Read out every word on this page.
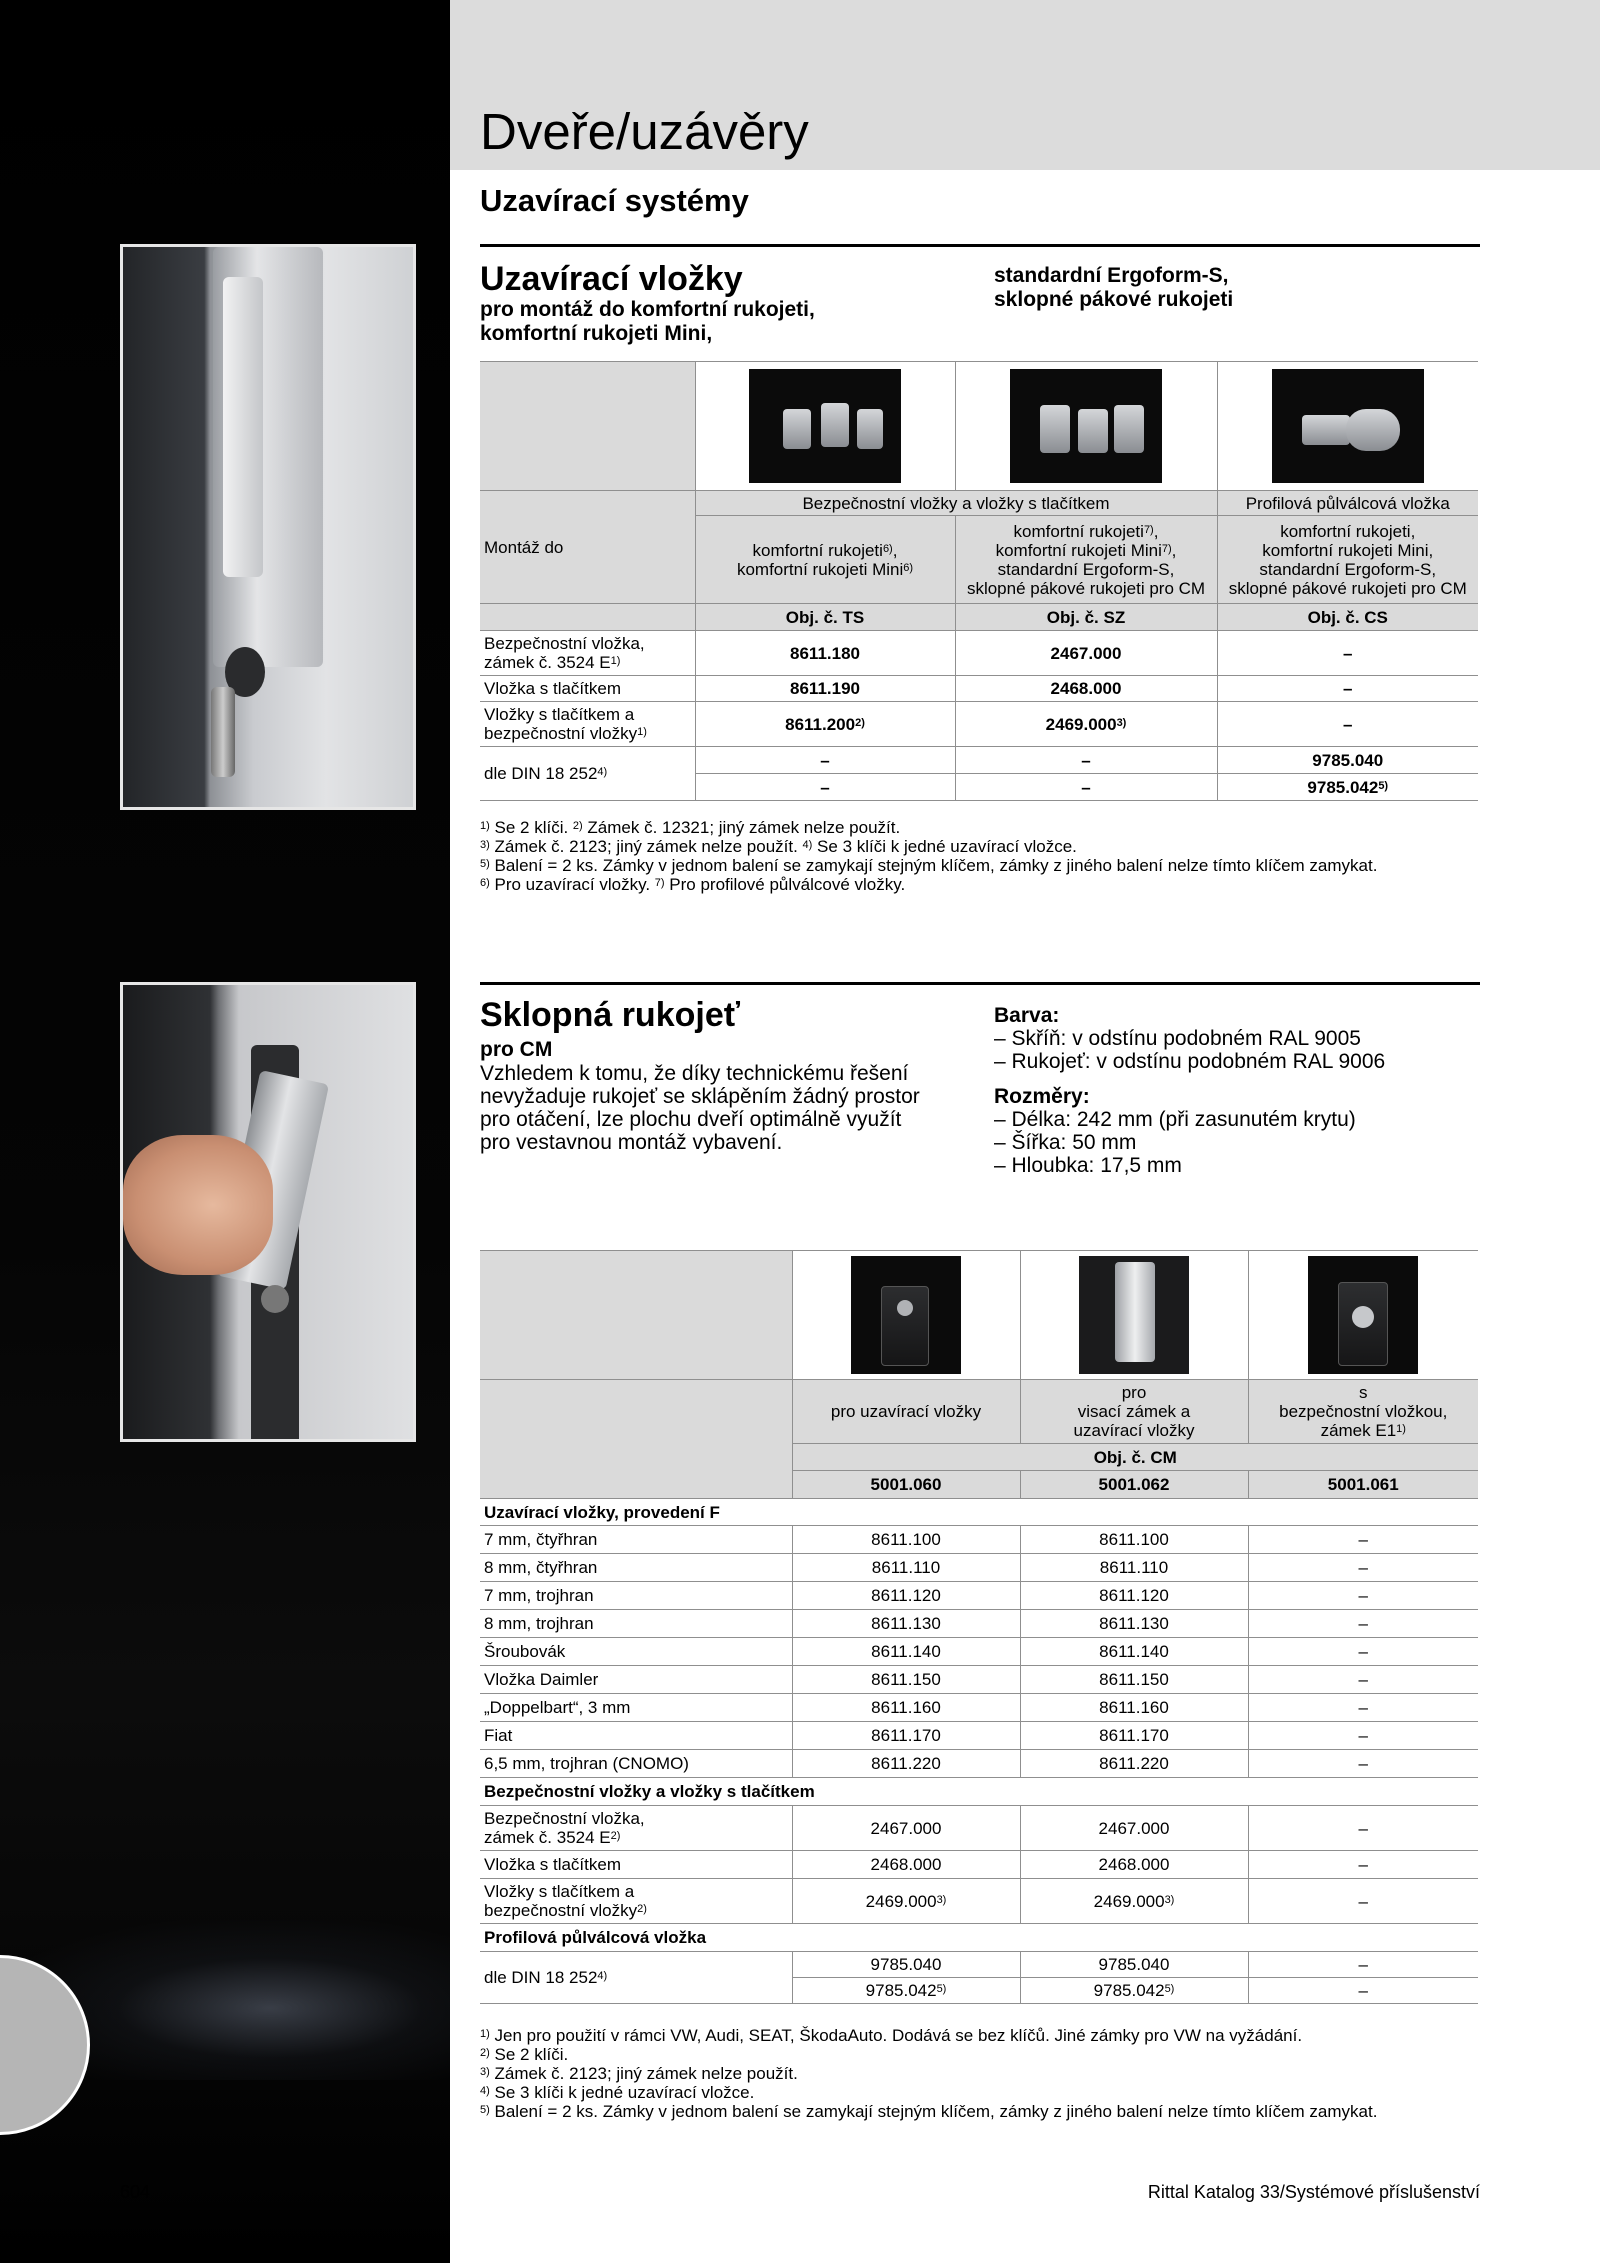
Dveře/uzávěry
Uzavírací systémy
Uzavírací vložky
pro montáž do komfortní rukojeti,
komfortní rukojeti Mini,
standardní Ergoform-S,
sklopné pákové rukojeti

Montáž do	Bezpečnostní vložky a vložky s tlačítkem		Profilová půlválcová vložka
	komfortní rukojeti$^{6)}$,
komfortní rukojeti Mini$^{6)}$	komfortní rukojeti$^{7)}$,
komfortní rukojeti Mini$^{7)}$,
standardní Ergoform-S,
sklopné pákové rukojeti pro CM	komfortní rukojeti,
komfortní rukojeti Mini,
standardní Ergoform-S,
sklopné pákové rukojeti pro CM
	Obj. č. TS	Obj. č. SZ	Obj. č. CS
Bezpečnostní vložka,
zámek č. 3524 $E^{1)}$	8611.180	2467.000	–
Vložka s tlačítkem	8611.190	2468.000	–
Vložky s tlačítkem a
bezpečnostní vložky$^{1)}$	8611.200$^{2)}$	2469.000$^{3)}$	–
dle DIN 18 252$^{4)}$	–	–	9785.040
	–	–	9785.042$^{5)}$
$^{1)}$ Se 2 klíči. $^{2)}$ Zámek č. 12321; jiný zámek nelze použít.
$^{3)}$ Zámek č. 2123; jiný zámek nelze použít. $^{4)}$ Se 3 klíči k jedné uzavírací vložce.
$^{5)}$ Balení = 2 ks. Zámky v jednom balení se zamykají stejným klíčem, zámky z jiného balení nelze tímto klíčem zamykat.
$^{6)}$ Pro uzavírací vložky. $^{7)}$ Pro profilové půlválcové vložky.
Sklopná rukojeť
pro CM
Vzhledem k tomu, že díky technickému řešení
nevyžaduje rukojeť se sklápěním žádný prostor
pro otáčení, lze plochu dveří optimálně využít
pro vestavnou montáž vybavení.
Barva:
– Skříň: v odstínu podobném RAL 9005
– Rukojeť: v odstínu podobném RAL 9006
Rozměry:
– Délka: 242 mm (při zasunutém krytu)
– Šířka: 50 mm
– Hloubka: 17,5 mm

	pro uzavírací vložky	pro
visací zámek a
uzavírací vložky	s
bezpečnostní vložkou,
zámek E1$^{1)}$
	Obj. č. CM		
	5001.060	5001.062	5001.061
Uzavírací vložky, provedení F			
7 mm, čtyřhran	8611.100	8611.100	–
8 mm, čtyřhran	8611.110	8611.110	–
7 mm, trojhran	8611.120	8611.120	–
8 mm, trojhran	8611.130	8611.130	–
Šroubovák	8611.140	8611.140	–
Vložka Daimler	8611.150	8611.150	–
„Doppelbart“, 3 mm	8611.160	8611.160	–
Fiat	8611.170	8611.170	–
6,5 mm, trojhran (CNOMO)	8611.220	8611.220	–
Bezpečnostní vložky a vložky s tlačítkem			
Bezpečnostní vložka,
zámek č. 3524 $E^{2)}$	2467.000	2467.000	–
Vložka s tlačítkem	2468.000	2468.000	–
Vložky s tlačítkem a
bezpečnostní vložky$^{2)}$	2469.000$^{3)}$	2469.000$^{3)}$	–
Profilová půlválcová vložka			
dle DIN 18 252$^{4)}$	9785.040	9785.040	–
	9785.042$^{5)}$	9785.042$^{5)}$	–
$^{1)}$ Jen pro použití v rámci VW, Audi, SEAT, ŠkodaAuto. Dodává se bez klíčů. Jiné zámky pro VW na vyžádání.
$^{2)}$ Se 2 klíči.
$^{3)}$ Zámek č. 2123; jiný zámek nelze použít.
$^{4)}$ Se 3 klíči k jedné uzavírací vložce.
$^{5)}$ Balení = 2 ks. Zámky v jednom balení se zamykají stejným klíčem, zámky z jiného balení nelze tímto klíčem zamykat.
604	Rittal Katalog 33/Systémové příslušenství
